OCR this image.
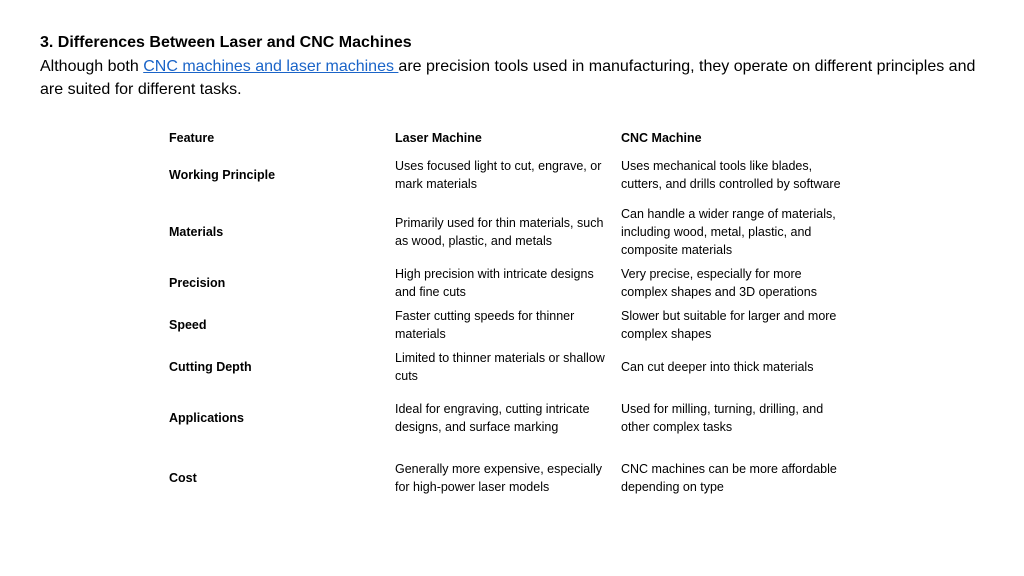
3. Differences Between Laser and CNC Machines

Although both CNC machines and laser machines are precision tools used in manufacturing, they operate on different principles and are suited for different tasks.

Feature	Laser Machine	CNC Machine
Working Principle	Uses focused light to cut, engrave, or mark materials	Uses mechanical tools like blades, cutters, and drills controlled by software
Materials	Primarily used for thin materials, such as wood, plastic, and metals	Can handle a wider range of materials, including wood, metal, plastic, and composite materials
Precision	High precision with intricate designs and fine cuts	Very precise, especially for more complex shapes and 3D operations
Speed	Faster cutting speeds for thinner materials	Slower but suitable for larger and more complex shapes
Cutting Depth	Limited to thinner materials or shallow cuts	Can cut deeper into thick materials
Applications	Ideal for engraving, cutting intricate designs, and surface marking	Used for milling, turning, drilling, and other complex tasks
Cost	Generally more expensive, especially for high-power laser models	CNC machines can be more affordable depending on type
